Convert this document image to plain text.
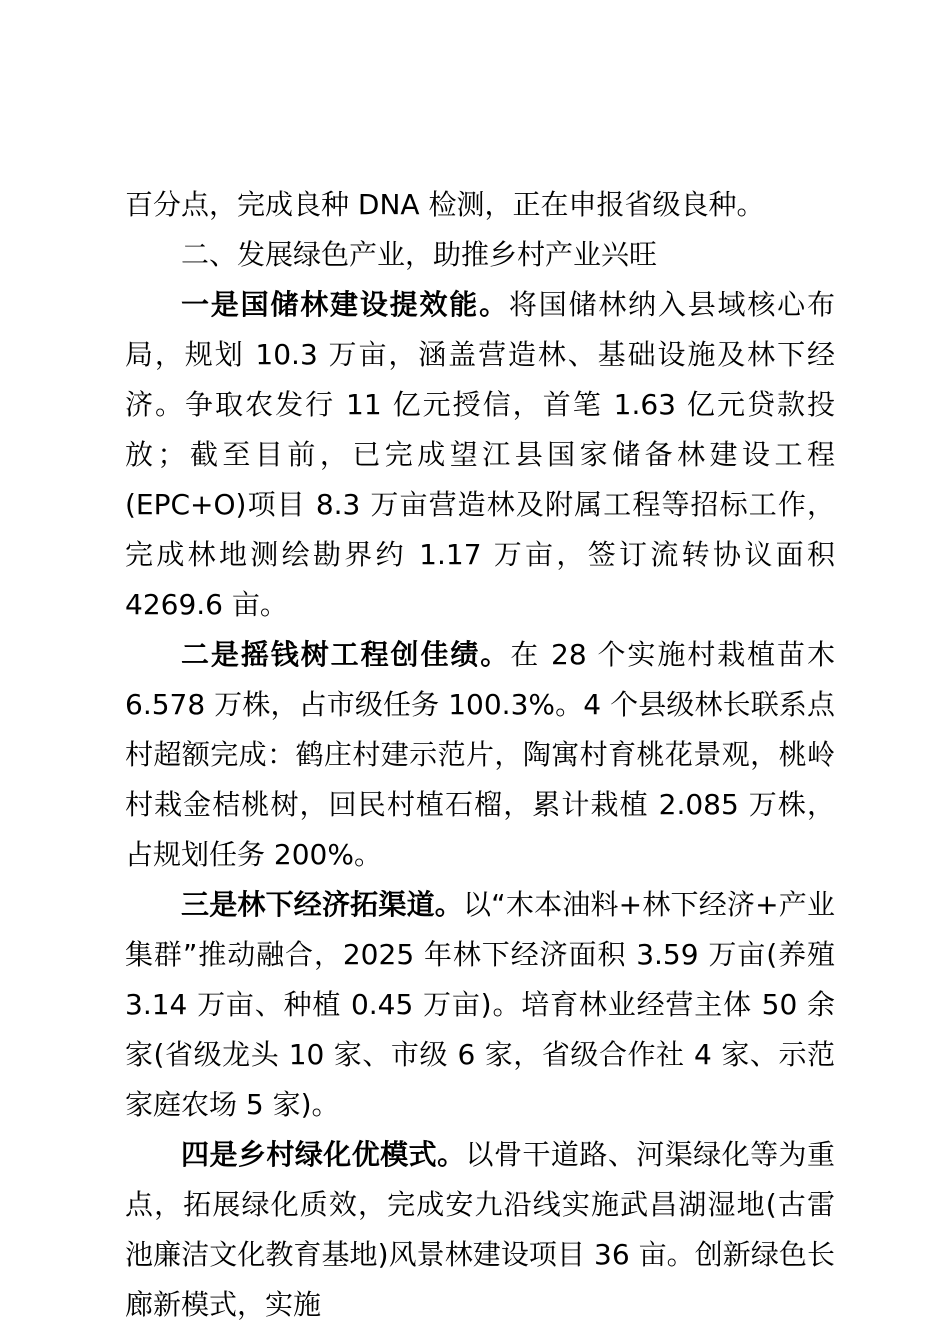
百分点，完成良种 DNA 检测，正在申报省级良种。

二、发展绿色产业，助推乡村产业兴旺

一是国储林建设提效能。将国储林纳入县域核心布局，规划 10.3 万亩，涵盖营造林、基础设施及林下经济。争取农发行 11 亿元授信，首笔 1.63 亿元贷款投放；截至目前，已完成望江县国家储备林建设工程(EPC+O)项目 8.3 万亩营造林及附属工程等招标工作，完成林地测绘勘界约 1.17 万亩，签订流转协议面积 4269.6 亩。

二是摇钱树工程创佳绩。在 28 个实施村栽植苗木 6.578 万株，占市级任务 100.3%。4 个县级林长联系点村超额完成：鹤庄村建示范片，陶寓村育桃花景观，桃岭村栽金桔桃树，回民村植石榴，累计栽植 2.085 万株，占规划任务 200%。

三是林下经济拓渠道。以“木本油料+林下经济+产业集群”推动融合，2025 年林下经济面积 3.59 万亩(养殖 3.14 万亩、种植 0.45 万亩)。培育林业经营主体 50 余家(省级龙头 10 家、市级 6 家，省级合作社 4 家、示范家庭农场 5 家)。

四是乡村绿化优模式。以骨干道路、河渠绿化等为重点，拓展绿化质效，完成安九沿线实施武昌湖湿地(古雷池廉洁文化教育基地)风景林建设项目 36 亩。创新绿色长廊新模式，实施
